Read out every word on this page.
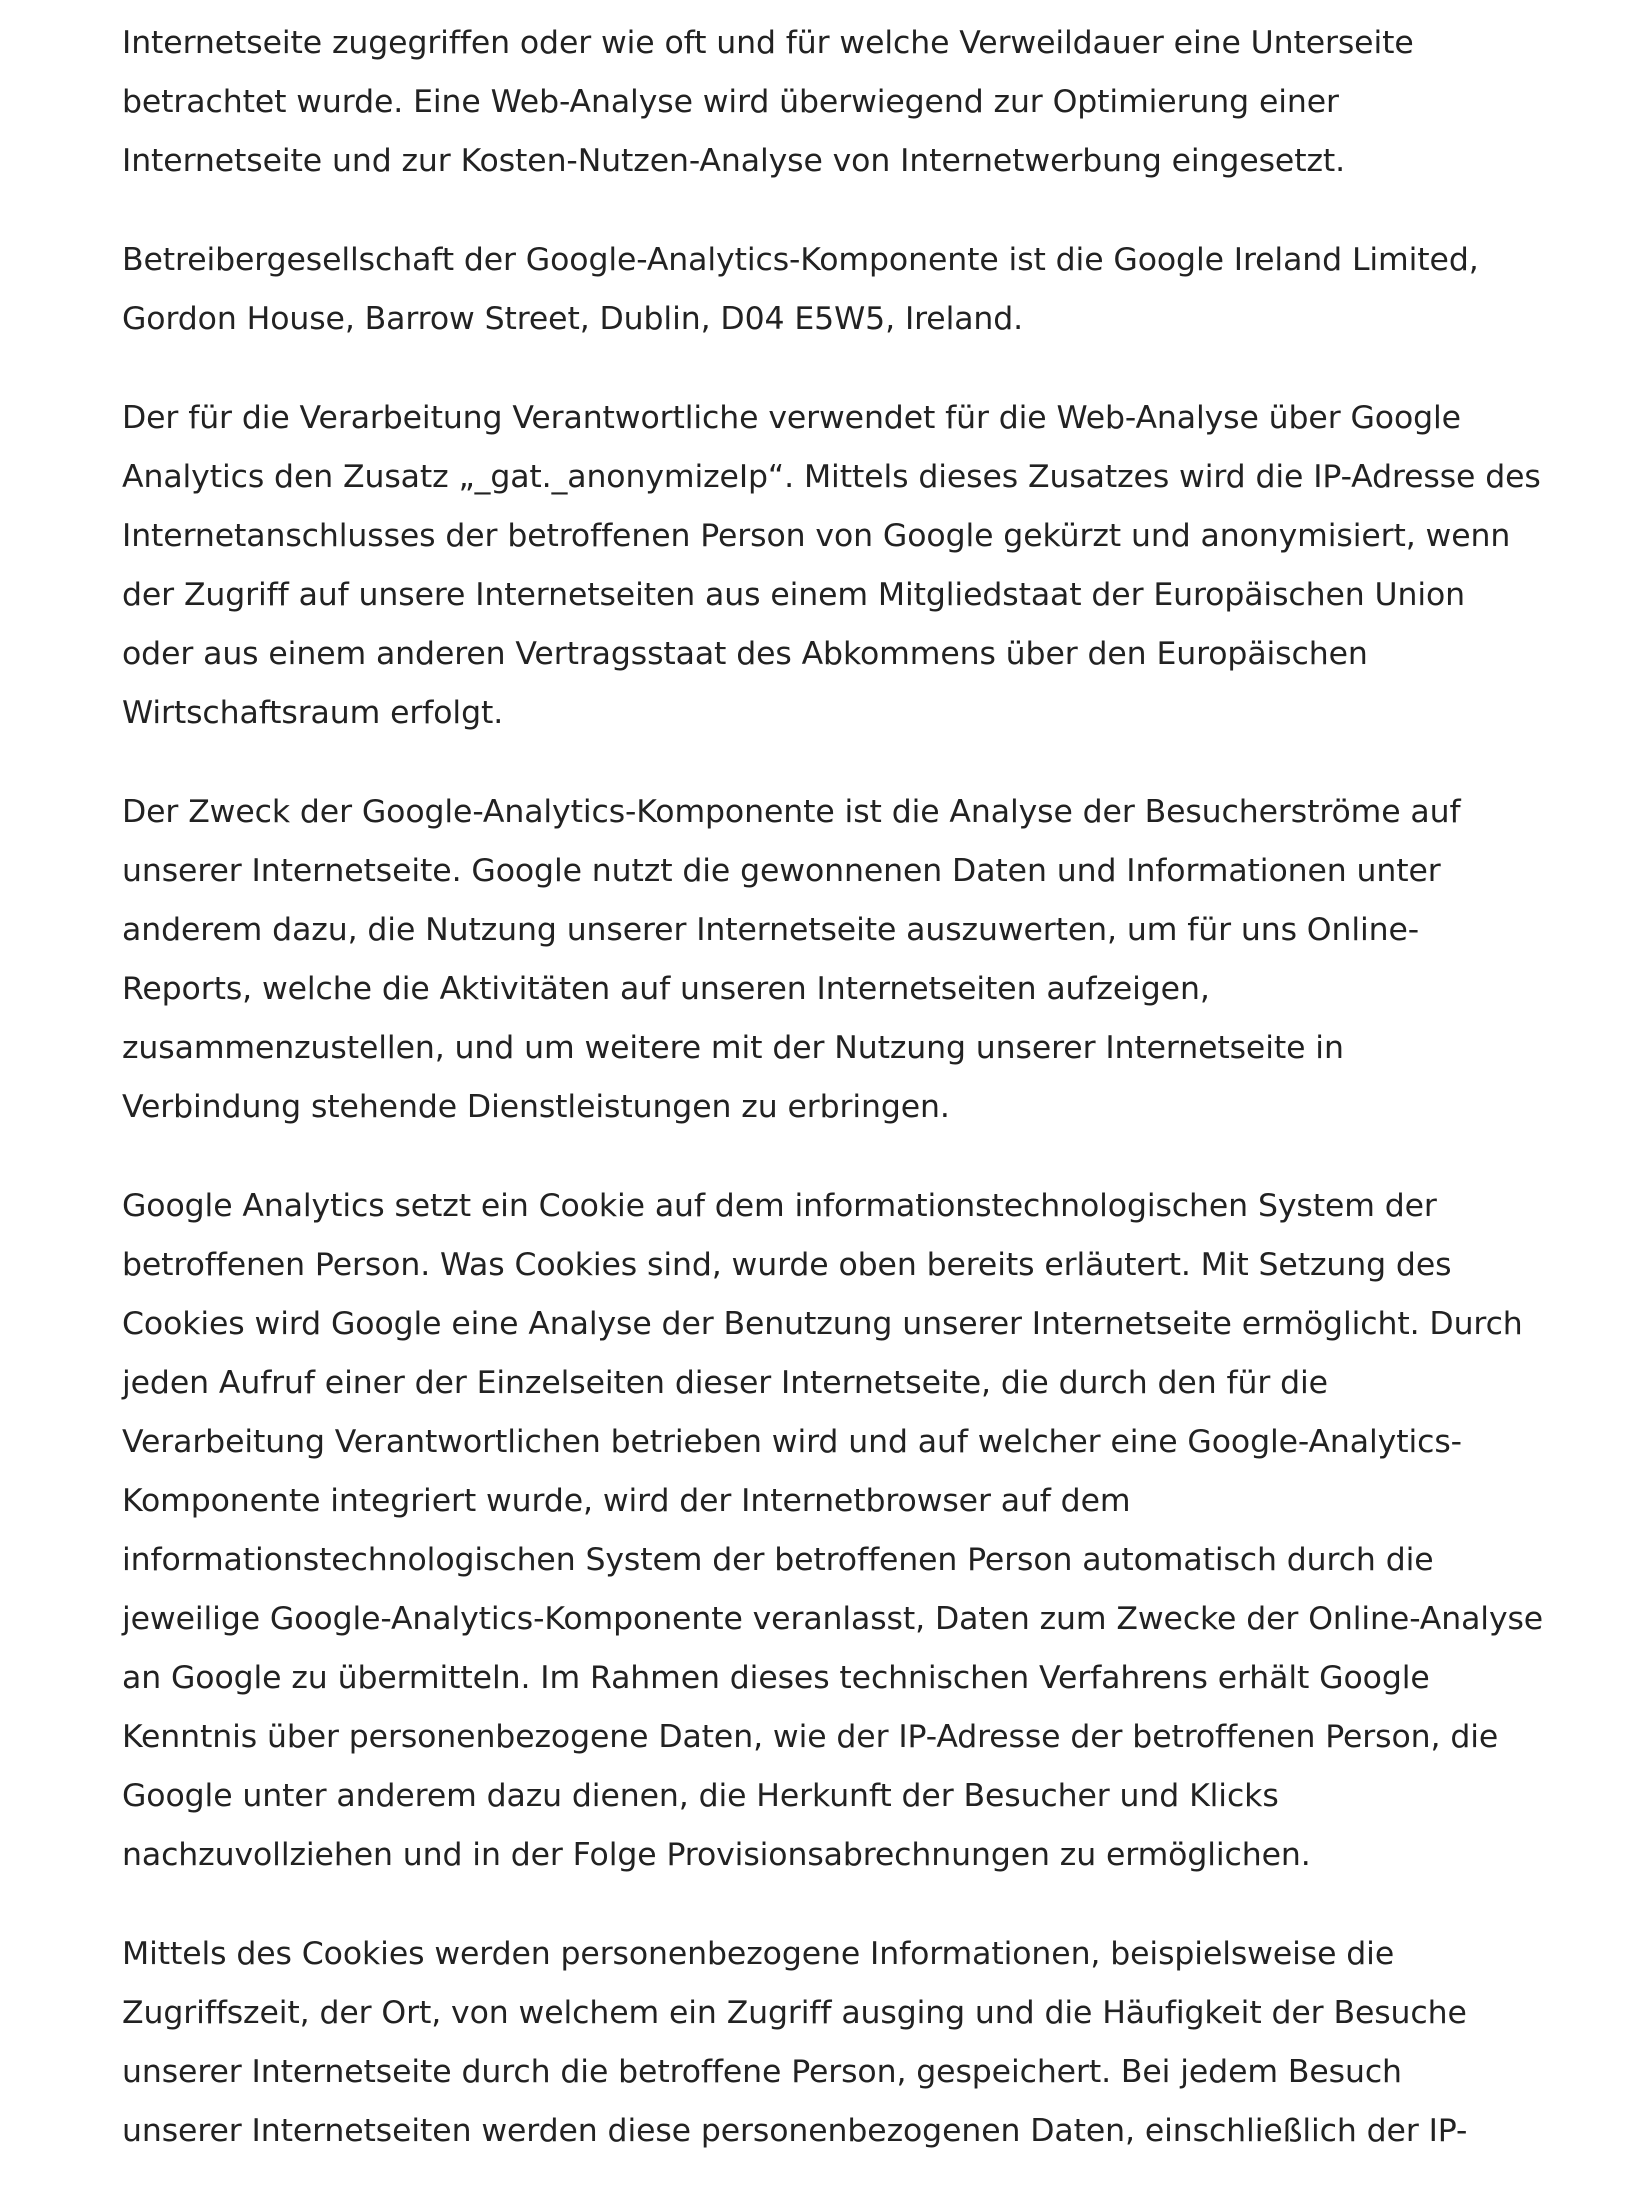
Internetseite zugegriffen oder wie oft und für welche Verweildauer eine Unterseite
betrachtet wurde. Eine Web-Analyse wird überwiegend zur Optimierung einer
Internetseite und zur Kosten-Nutzen-Analyse von Internetwerbung eingesetzt.

Betreibergesellschaft der Google-Analytics-Komponente ist die Google Ireland Limited,
Gordon House, Barrow Street, Dublin, D04 E5W5, Ireland.

Der für die Verarbeitung Verantwortliche verwendet für die Web-Analyse über Google
Analytics den Zusatz „_gat._anonymizeIp“. Mittels dieses Zusatzes wird die IP-Adresse des
Internetanschlusses der betroffenen Person von Google gekürzt und anonymisiert, wenn
der Zugriff auf unsere Internetseiten aus einem Mitgliedstaat der Europäischen Union
oder aus einem anderen Vertragsstaat des Abkommens über den Europäischen
Wirtschaftsraum erfolgt.

Der Zweck der Google-Analytics-Komponente ist die Analyse der Besucherströme auf
unserer Internetseite. Google nutzt die gewonnenen Daten und Informationen unter
anderem dazu, die Nutzung unserer Internetseite auszuwerten, um für uns Online-
Reports, welche die Aktivitäten auf unseren Internetseiten aufzeigen,
zusammenzustellen, und um weitere mit der Nutzung unserer Internetseite in
Verbindung stehende Dienstleistungen zu erbringen.

Google Analytics setzt ein Cookie auf dem informationstechnologischen System der
betroffenen Person. Was Cookies sind, wurde oben bereits erläutert. Mit Setzung des
Cookies wird Google eine Analyse der Benutzung unserer Internetseite ermöglicht. Durch
jeden Aufruf einer der Einzelseiten dieser Internetseite, die durch den für die
Verarbeitung Verantwortlichen betrieben wird und auf welcher eine Google-Analytics-
Komponente integriert wurde, wird der Internetbrowser auf dem
informationstechnologischen System der betroffenen Person automatisch durch die
jeweilige Google-Analytics-Komponente veranlasst, Daten zum Zwecke der Online-Analyse
an Google zu übermitteln. Im Rahmen dieses technischen Verfahrens erhält Google
Kenntnis über personenbezogene Daten, wie der IP-Adresse der betroffenen Person, die
Google unter anderem dazu dienen, die Herkunft der Besucher und Klicks
nachzuvollziehen und in der Folge Provisionsabrechnungen zu ermöglichen.

Mittels des Cookies werden personenbezogene Informationen, beispielsweise die
Zugriffszeit, der Ort, von welchem ein Zugriff ausging und die Häufigkeit der Besuche
unserer Internetseite durch die betroffene Person, gespeichert. Bei jedem Besuch
unserer Internetseiten werden diese personenbezogenen Daten, einschließlich der IP-
